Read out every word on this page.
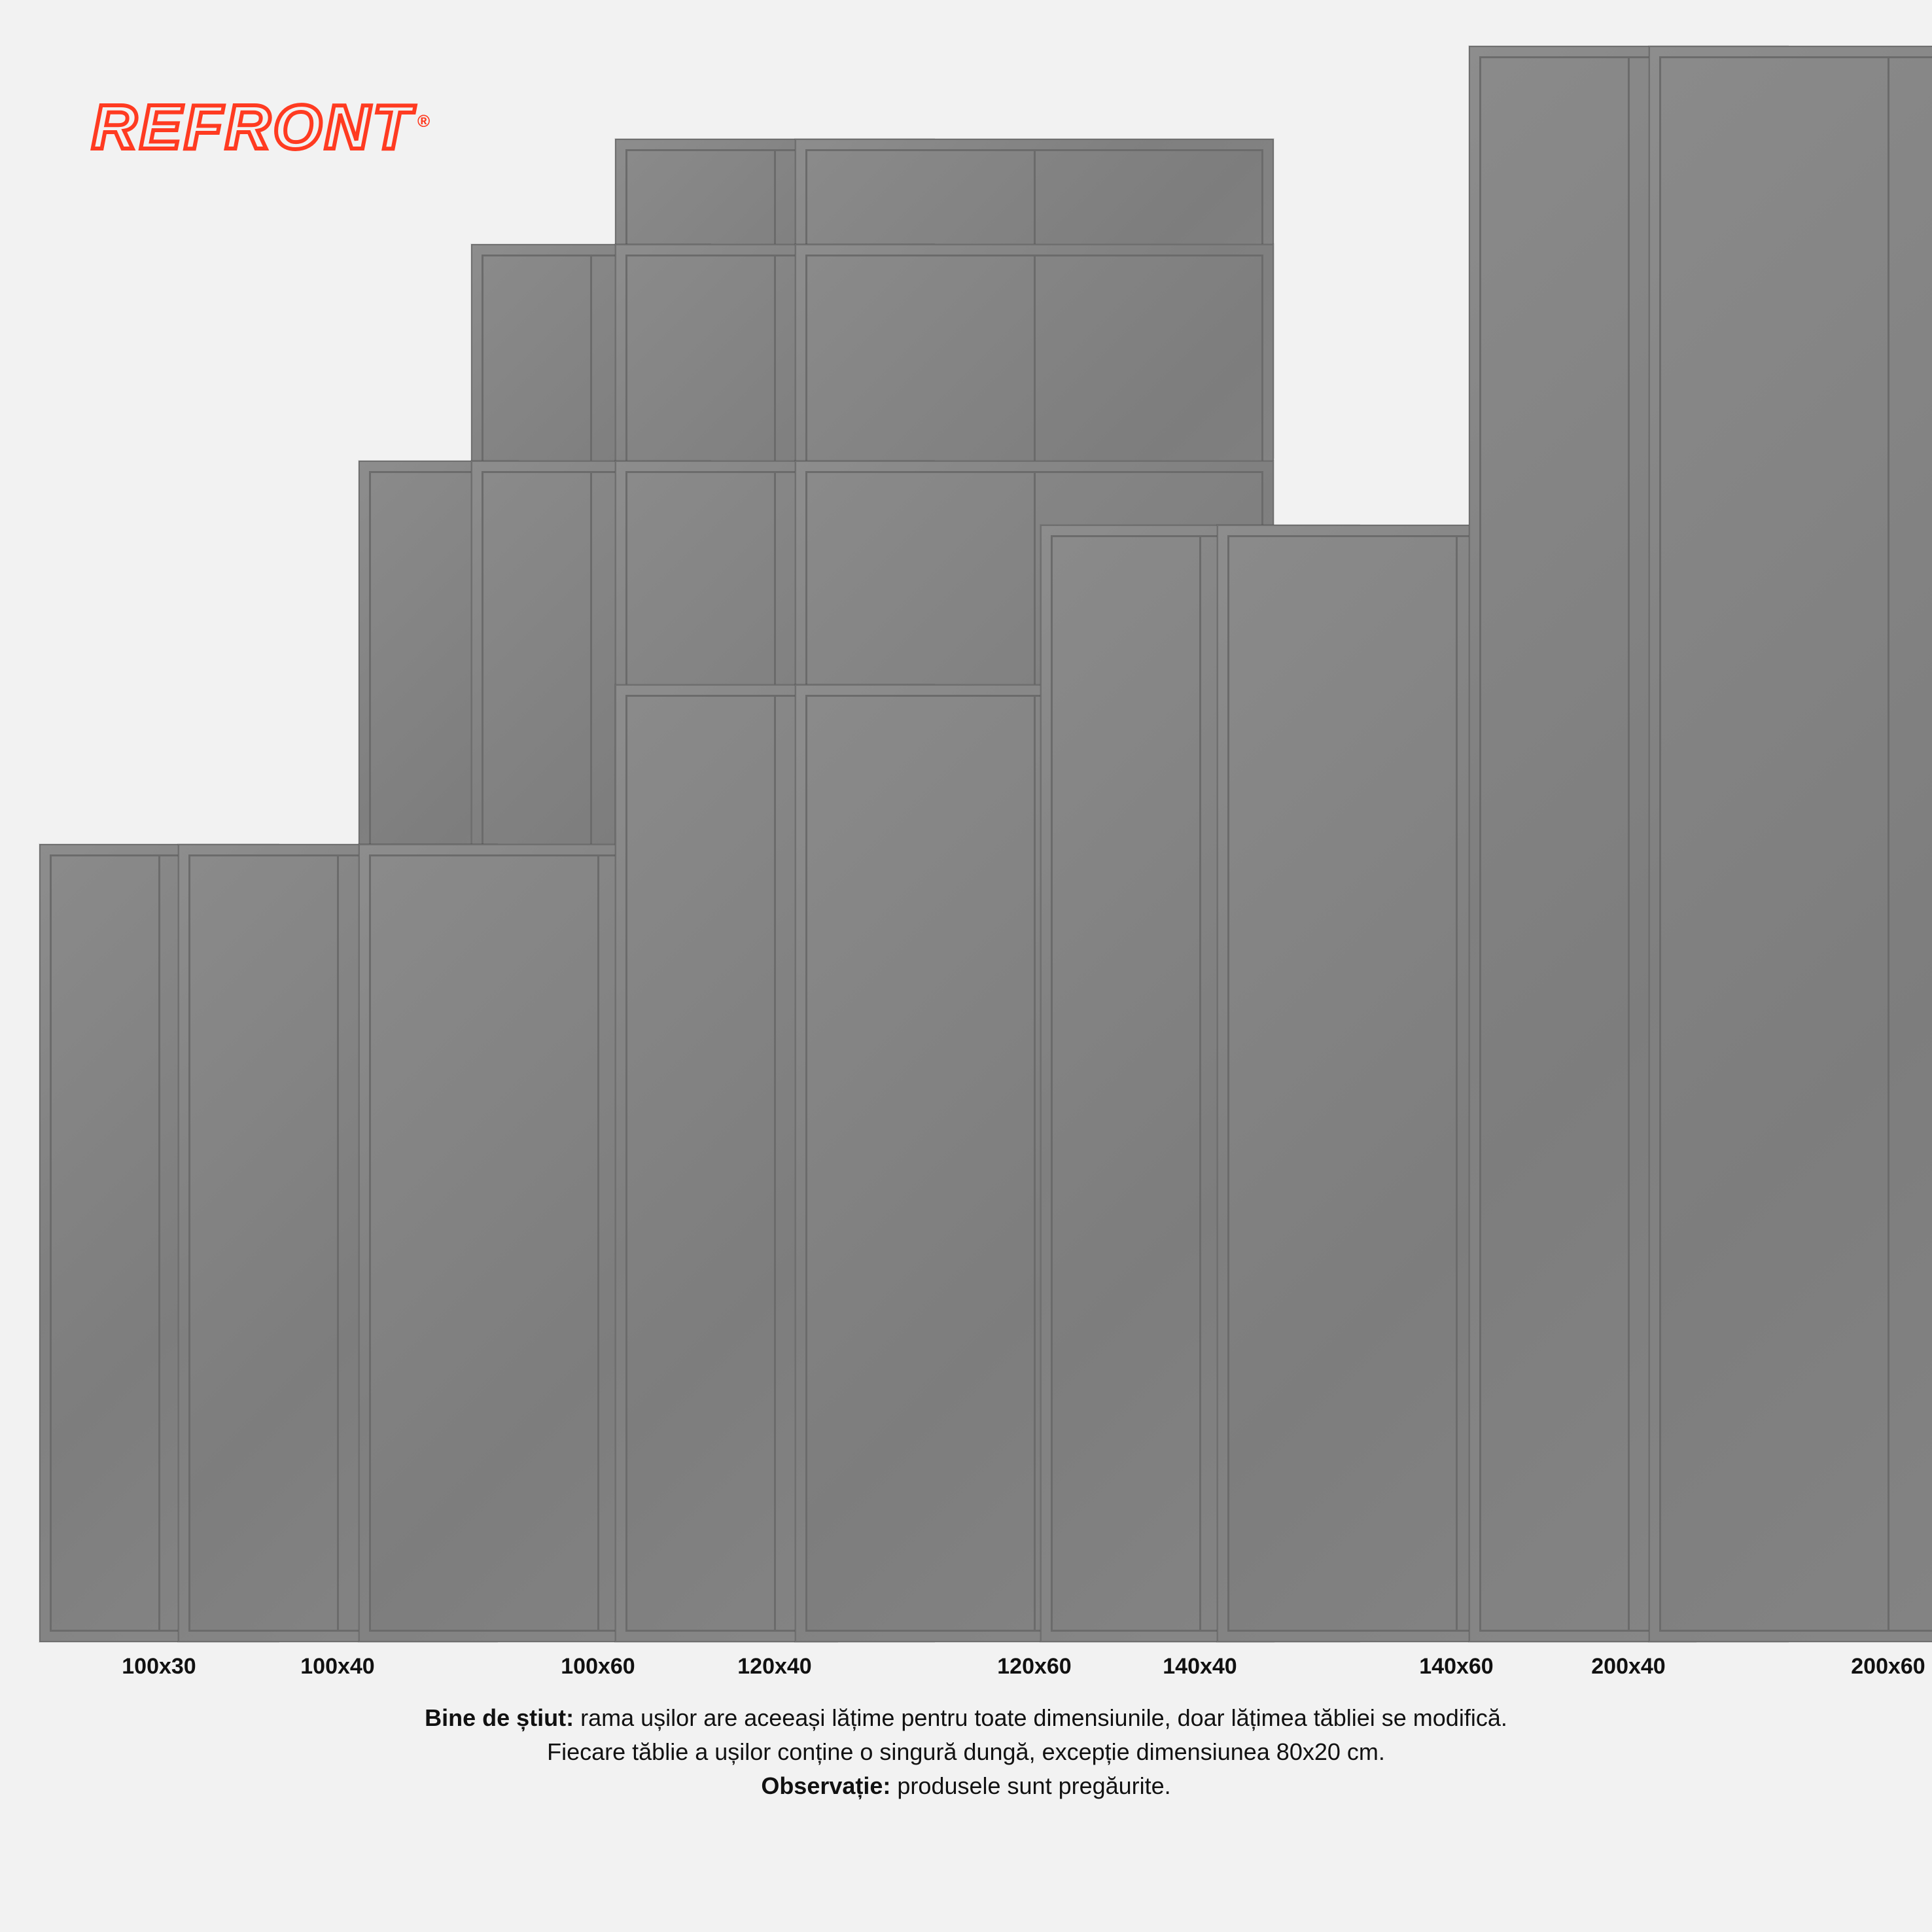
REFRONT ®
100x30	100x40	100x60	120x40	120x60	140x40	140x60	200x40	200x60
Bine de știut: rama ușilor are aceeași lățime pentru toate dimensiunile, doar lățimea tăbliei se modifică.
Fiecare tăblie a ușilor conține o singură dungă, excepție dimensiunea 80x20 cm.
Observație: produsele sunt pregăurite.
